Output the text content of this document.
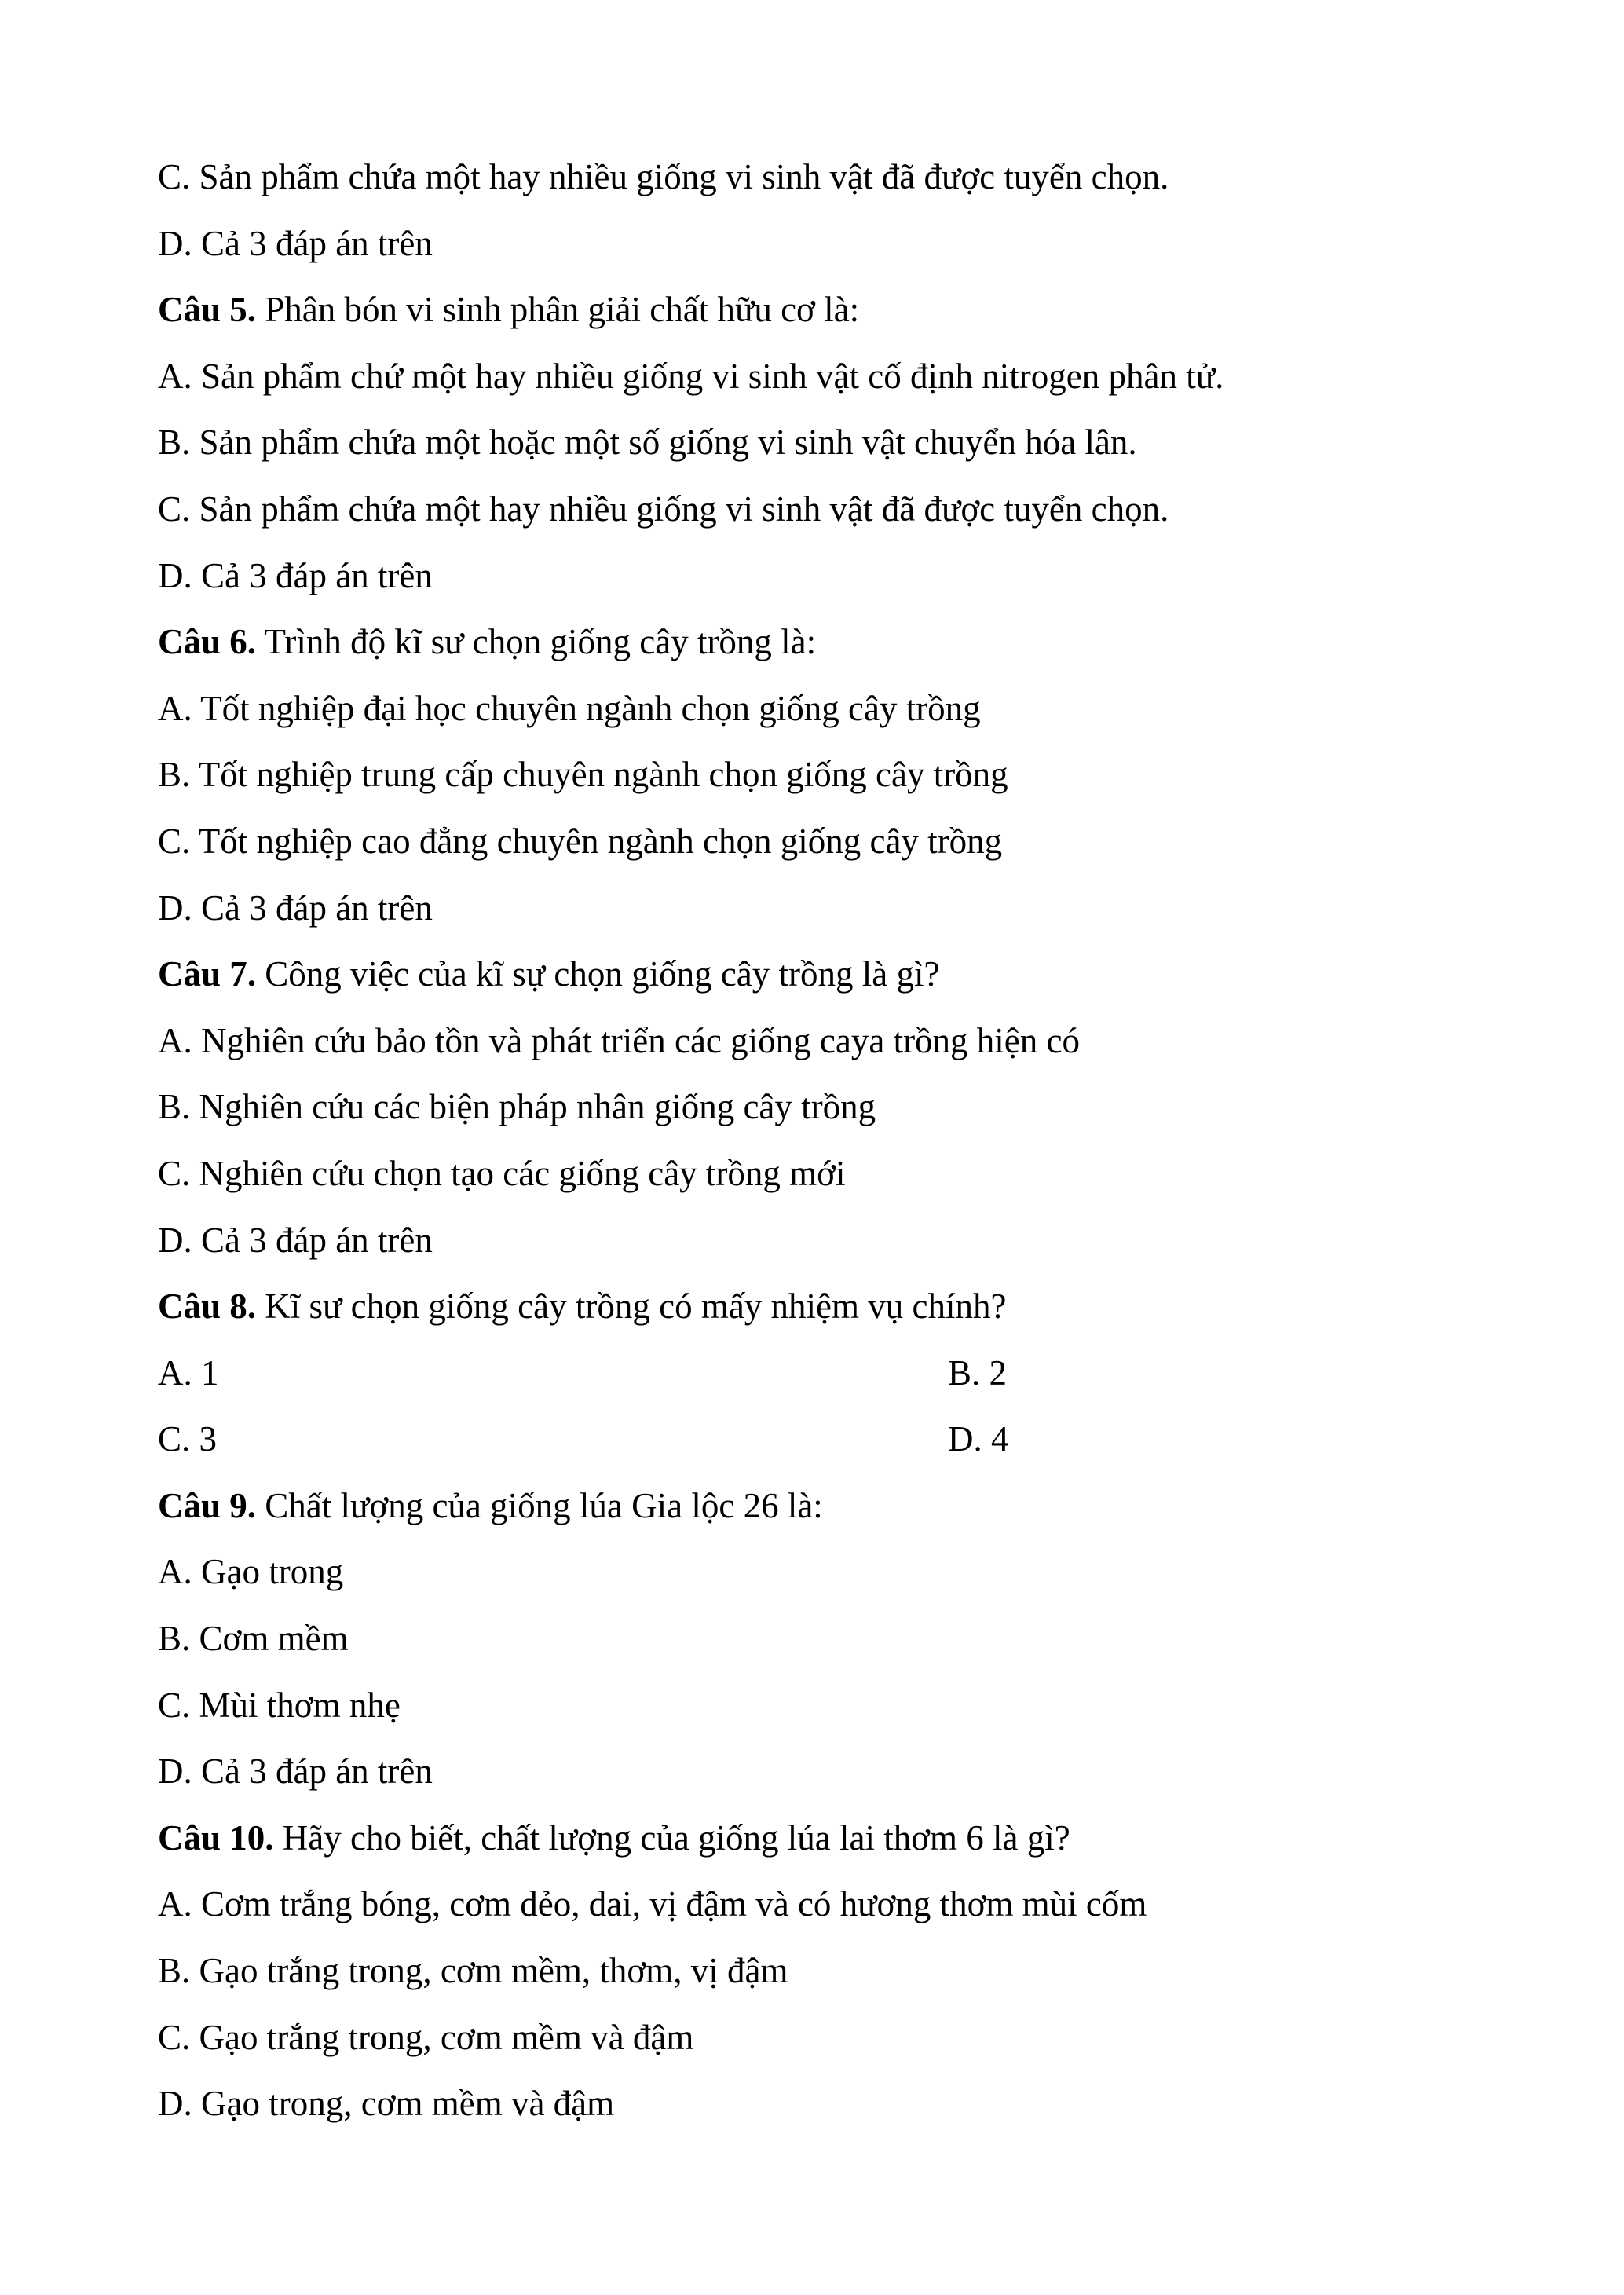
C. Sản phẩm chứa một hay nhiều giống vi sinh vật đã được tuyển chọn.
D. Cả 3 đáp án trên
Câu 5. Phân bón vi sinh phân giải chất hữu cơ là:
A. Sản phẩm chứ một hay nhiều giống vi sinh vật cố định nitrogen phân tử.
B. Sản phẩm chứa một hoặc một số giống vi sinh vật chuyển hóa lân.
C. Sản phẩm chứa một hay nhiều giống vi sinh vật đã được tuyển chọn.
D. Cả 3 đáp án trên
Câu 6. Trình độ kĩ sư chọn giống cây trồng là:
A. Tốt nghiệp đại học chuyên ngành chọn giống cây trồng
B. Tốt nghiệp trung cấp chuyên ngành chọn giống cây trồng
C. Tốt nghiệp cao đẳng chuyên ngành chọn giống cây trồng
D. Cả 3 đáp án trên
Câu 7. Công việc của kĩ sự chọn giống cây trồng là gì?
A. Nghiên cứu bảo tồn và phát triển các giống caya trồng hiện có
B. Nghiên cứu các biện pháp nhân giống cây trồng
C. Nghiên cứu chọn tạo các giống cây trồng mới
D. Cả 3 đáp án trên
Câu 8. Kĩ sư chọn giống cây trồng có mấy nhiệm vụ chính?
A. 1	B. 2
C. 3	D. 4
Câu 9. Chất lượng của giống lúa Gia lộc 26 là:
A. Gạo trong
B. Cơm mềm
C. Mùi thơm nhẹ
D. Cả 3 đáp án trên
Câu 10. Hãy cho biết, chất lượng của giống lúa lai thơm 6 là gì?
A. Cơm trắng bóng, cơm dẻo, dai, vị đậm và có hương thơm mùi cốm
B. Gạo trắng trong, cơm mềm, thơm, vị đậm
C. Gạo trắng trong, cơm mềm và đậm
D. Gạo trong, cơm mềm và đậm
